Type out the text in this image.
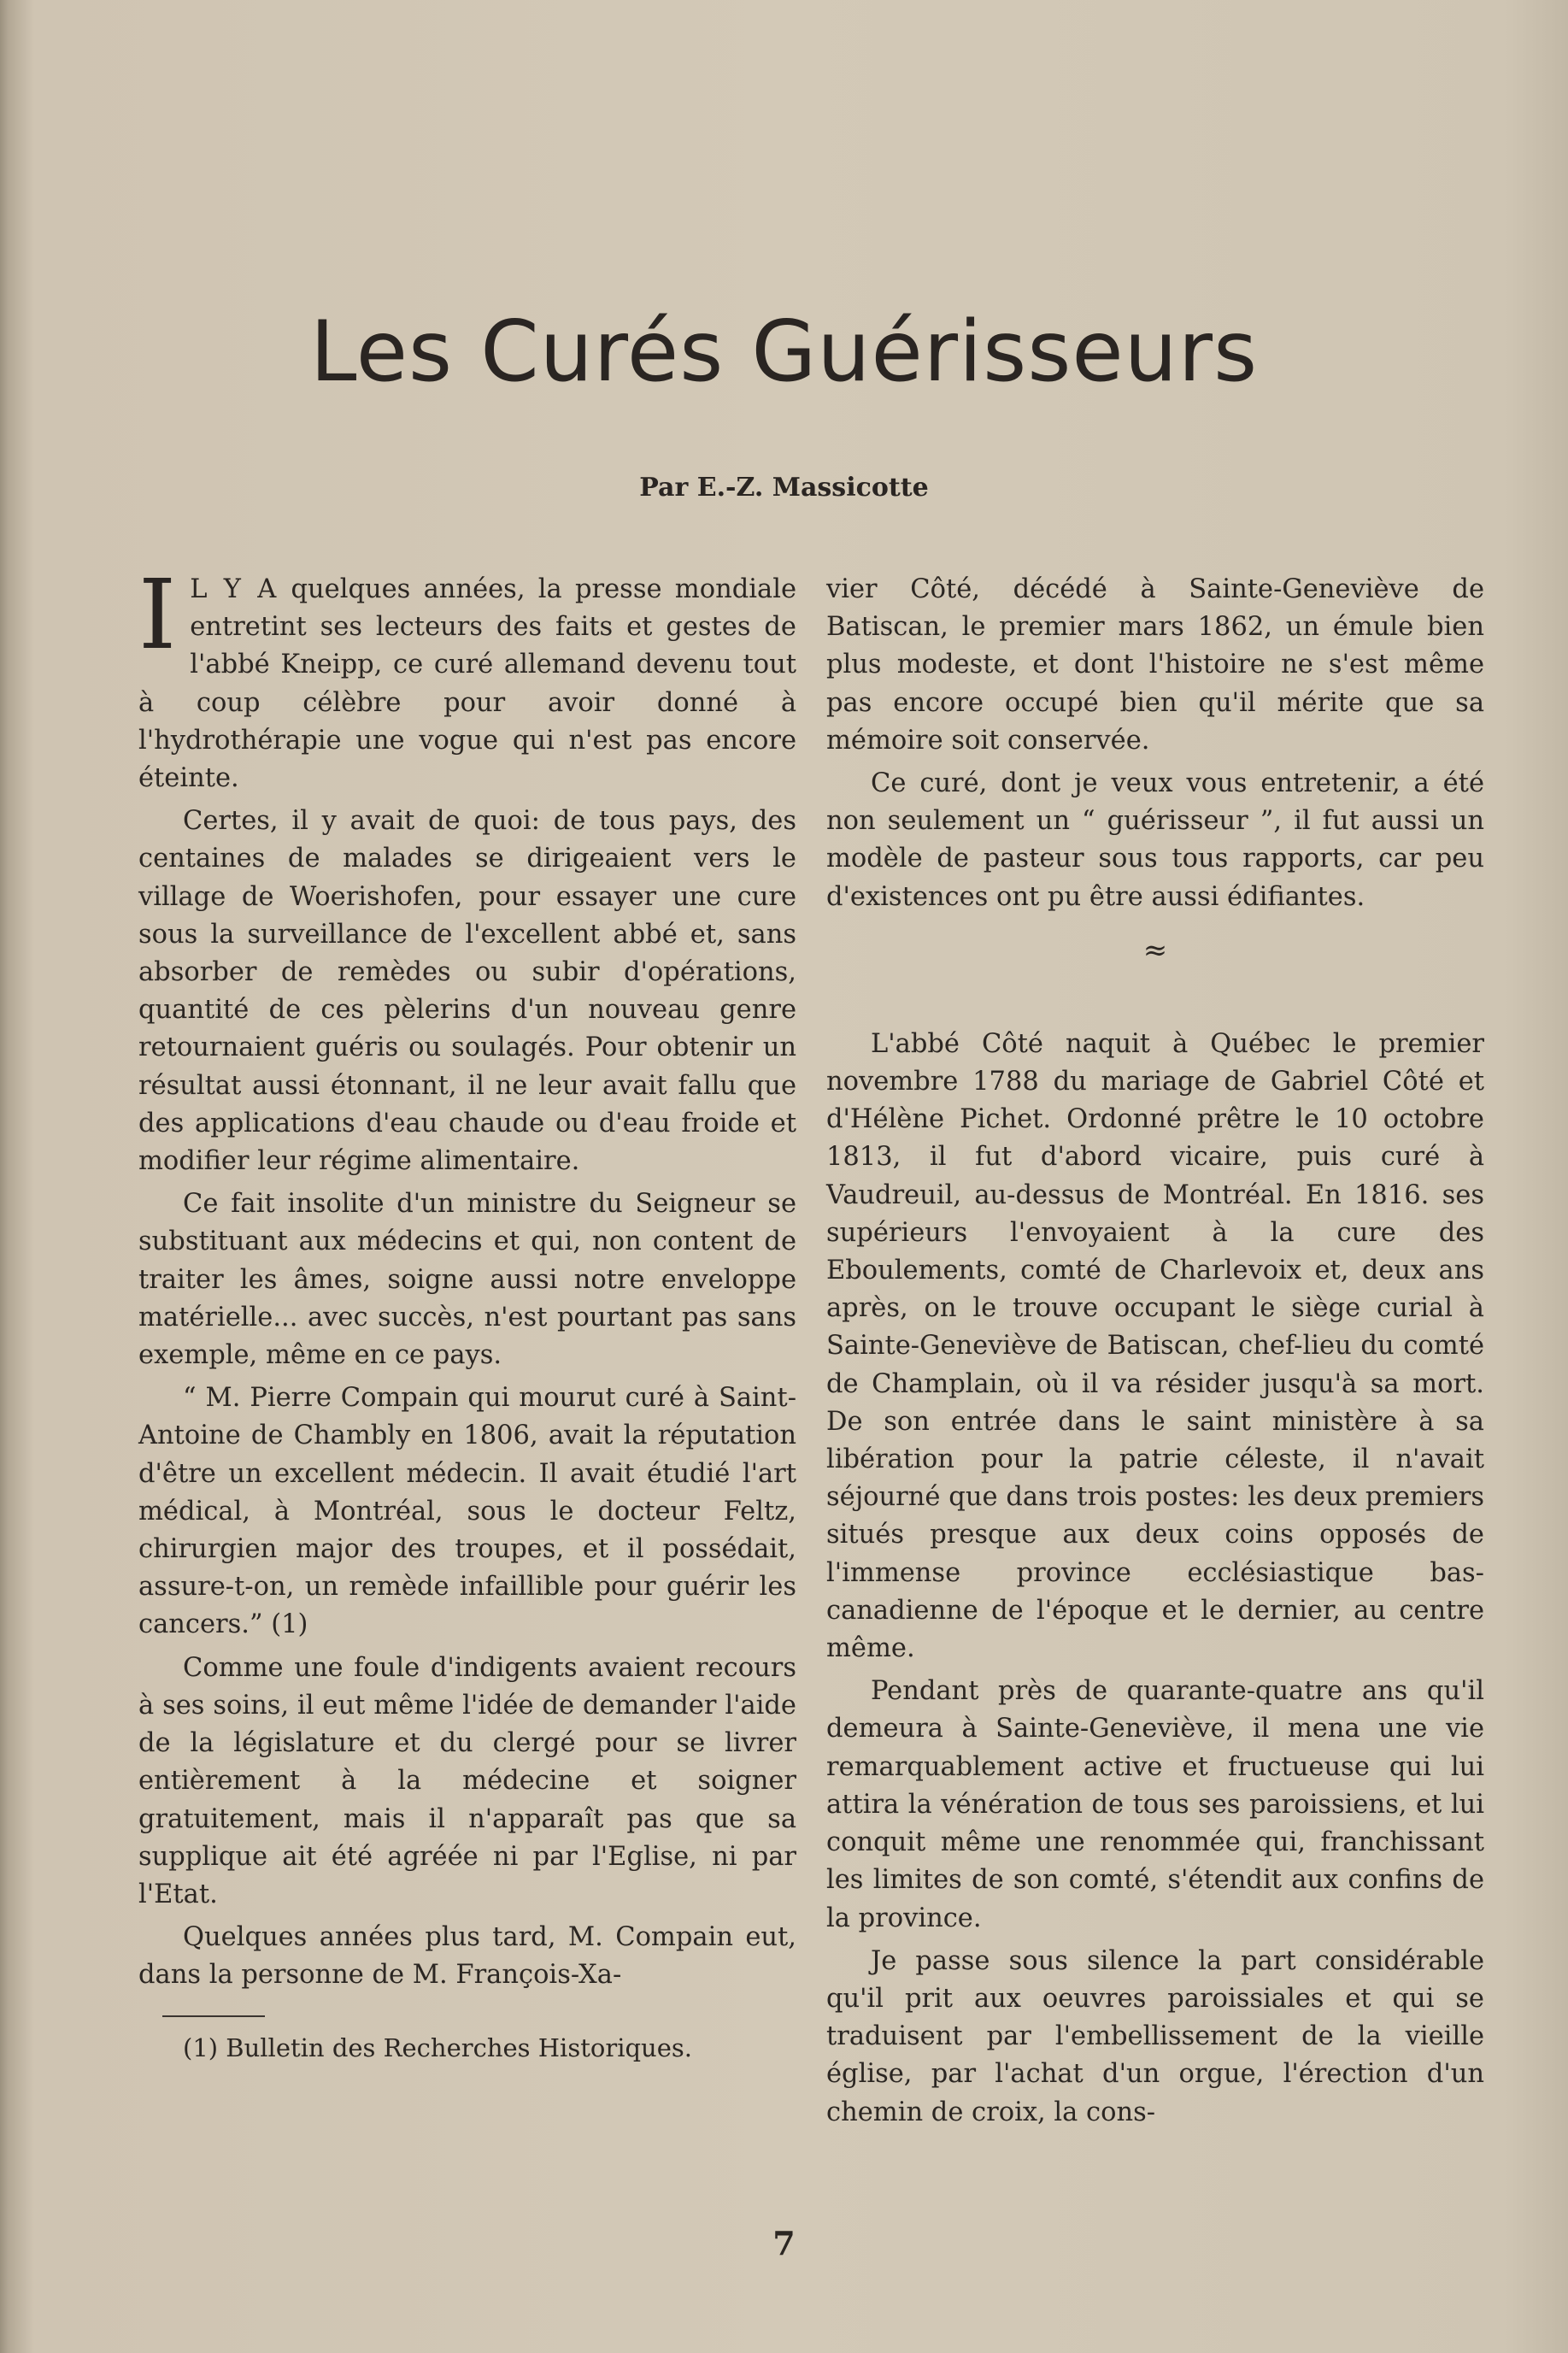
Les Curés Guérisseurs
Par E.-Z. Massicotte

I L Y A quelques années, la presse mondiale entretint ses lecteurs des faits et gestes de l'abbé Kneipp, ce curé allemand devenu tout à coup célèbre pour avoir donné à l'hydrothérapie une vogue qui n'est pas encore éteinte.

Certes, il y avait de quoi: de tous pays, des centaines de malades se dirigeaient vers le village de Woerishofen, pour essayer une cure sous la surveillance de l'excellent abbé et, sans absorber de remèdes ou subir d'opérations, quantité de ces pèlerins d'un nouveau genre retournaient guéris ou soulagés. Pour obtenir un résultat aussi étonnant, il ne leur avait fallu que des applications d'eau chaude ou d'eau froide et modifier leur régime alimentaire.

Ce fait insolite d'un ministre du Seigneur se substituant aux médecins et qui, non content de traiter les âmes, soigne aussi notre enveloppe matérielle... avec succès, n'est pourtant pas sans exemple, même en ce pays.

“ M. Pierre Compain qui mourut curé à Saint-Antoine de Chambly en 1806, avait la réputation d'être un excellent médecin. Il avait étudié l'art médical, à Montréal, sous le docteur Feltz, chirurgien major des troupes, et il possédait, assure-t-on, un remède infaillible pour guérir les cancers.” (1)

Comme une foule d'indigents avaient recours à ses soins, il eut même l'idée de demander l'aide de la législature et du clergé pour se livrer entièrement à la médecine et soigner gratuitement, mais il n'apparaît pas que sa supplique ait été agréée ni par l'Eglise, ni par l'Etat.

Quelques années plus tard, M. Compain eut, dans la personne de M. François-Xa-

(1) Bulletin des Recherches Historiques.

vier Côté, décédé à Sainte-Geneviève de Batiscan, le premier mars 1862, un émule bien plus modeste, et dont l'histoire ne s'est même pas encore occupé bien qu'il mérite que sa mémoire soit conservée.

Ce curé, dont je veux vous entretenir, a été non seulement un “ guérisseur ”, il fut aussi un modèle de pasteur sous tous rapports, car peu d'existences ont pu être aussi édifiantes.

≈

L'abbé Côté naquit à Québec le premier novembre 1788 du mariage de Gabriel Côté et d'Hélène Pichet. Ordonné prêtre le 10 octobre 1813, il fut d'abord vicaire, puis curé à Vaudreuil, au-dessus de Montréal. En 1816. ses supérieurs l'envoyaient à la cure des Eboulements, comté de Charlevoix et, deux ans après, on le trouve occupant le siège curial à Sainte-Geneviève de Batiscan, chef-lieu du comté de Champlain, où il va résider jusqu'à sa mort. De son entrée dans le saint ministère à sa libération pour la patrie céleste, il n'avait séjourné que dans trois postes: les deux premiers situés presque aux deux coins opposés de l'immense province ecclésiastique bas-canadienne de l'époque et le dernier, au centre même.

Pendant près de quarante-quatre ans qu'il demeura à Sainte-Geneviève, il mena une vie remarquablement active et fructueuse qui lui attira la vénération de tous ses paroissiens, et lui conquit même une renommée qui, franchissant les limites de son comté, s'étendit aux confins de la province.

Je passe sous silence la part considérable qu'il prit aux oeuvres paroissiales et qui se traduisent par l'embellissement de la vieille église, par l'achat d'un orgue, l'érection d'un chemin de croix, la cons-

7
